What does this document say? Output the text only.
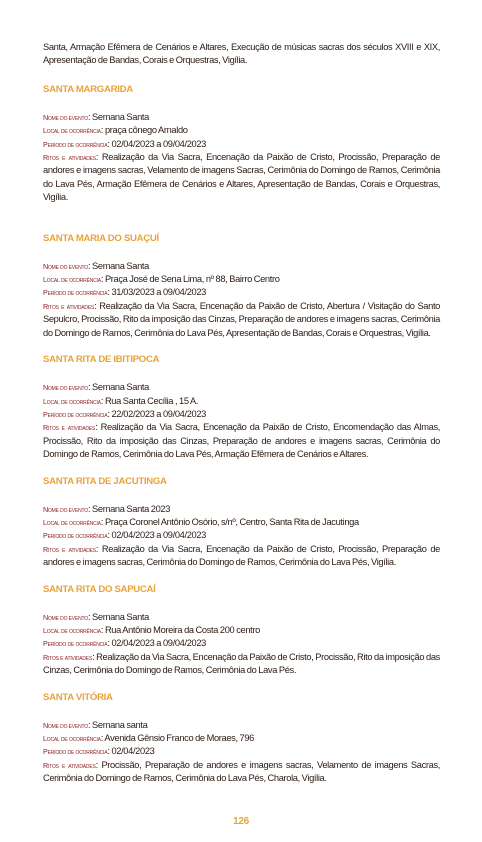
Santa, Armação Efêmera de Cenários e Altares, Execução de músicas sacras dos séculos XVIII e XIX, Apresentação de Bandas, Corais e Orquestras, Vigília.

SANTA MARGARIDA

Nome do evento: Semana Santa

Local de ocorrência: praça cônego Arnaldo

Período de ocorrência: 02/04/2023 a 09/04/2023

Ritos e atividades: Realização da Via Sacra, Encenação da Paixão de Cristo, Procissão, Preparação de andores e imagens sacras, Velamento de imagens Sacras, Cerimônia do Domingo de Ramos, Cerimônia do Lava Pés, Armação Efêmera de Cenários e Altares, Apresentação de Bandas, Corais e Orquestras, Vigília.

SANTA MARIA DO SUAÇUÍ

Nome do evento: Semana Santa

Local de ocorrência: Praça José de Sena Lima, nº 88, Bairro Centro

Período de ocorrência: 31/03/2023 a 09/04/2023

Ritos e atividades: Realização da Via Sacra, Encenação da Paixão de Cristo, Abertura / Visitação do Santo Sepulcro, Procissão, Rito da imposição das Cinzas, Preparação de andores e imagens sacras, Cerimônia do Domingo de Ramos, Cerimônia do Lava Pés, Apresentação de Bandas, Corais e Orquestras, Vigília.

SANTA RITA DE IBITIPOCA

Nome do evento: Semana Santa

Local de ocorrência: Rua Santa Cecília , 15 A.

Período de ocorrência: 22/02/2023 a 09/04/2023

Ritos e atividades: Realização da Via Sacra, Encenação da Paixão de Cristo, Encomendação das Almas, Procissão, Rito da imposição das Cinzas, Preparação de andores e imagens sacras, Cerimônia do Domingo de Ramos, Cerimônia do Lava Pés, Armação Efêmera de Cenários e Altares.

SANTA RITA DE JACUTINGA

Nome do evento: Semana Santa 2023

Local de ocorrência: Praça Coronel Antônio Osório, s/nº, Centro, Santa Rita de Jacutinga

Período de ocorrência: 02/04/2023 a 09/04/2023

Ritos e atividades: Realização da Via Sacra, Encenação da Paixão de Cristo, Procissão, Preparação de andores e imagens sacras, Cerimônia do Domingo de Ramos, Cerimônia do Lava Pés, Vigília.

SANTA RITA DO SAPUCAÍ

Nome do evento: Semana Santa

Local de ocorrência: Rua Antônio Moreira da Costa 200 centro

Período de ocorrência: 02/04/2023 a 09/04/2023

Ritos e atividades: Realização da Via Sacra, Encenação da Paixão de Cristo, Procissão, Rito da imposição das Cinzas, Cerimônia do Domingo de Ramos, Cerimônia do Lava Pés.

SANTA VITÓRIA

Nome do evento: Semana santa

Local de ocorrência: Avenida Gênsio Franco de Moraes, 796

Período de ocorrência: 02/04/2023

Ritos e atividades: Procissão, Preparação de andores e imagens sacras, Velamento de imagens Sacras, Cerimônia do Domingo de Ramos, Cerimônia do Lava Pés, Charola, Vigília.

126
